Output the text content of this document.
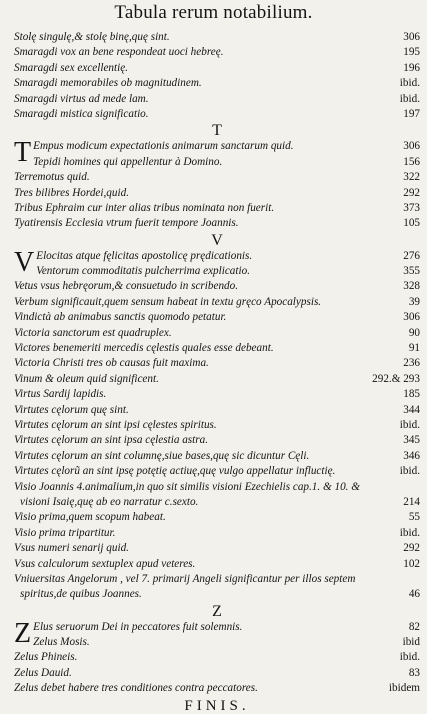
Tabula rerum notabilium.
Stolę singulę,& stolę binę,quę sint.	306
Smaragdi vox an bene respondeat uoci hebreę.	195
Smaragdi sex excellentię.	196
Smaragdi memorabiles ob magnitudinem.	ibid.
Smaragdi virtus ad mede lam.	ibid.
Smaragdi mistica significatio.	197
T
T Empus modicum expectationis animarum sanctarum quid.	306
Tepidi homines qui appellentur à Domino.	156
Terremotus quid.	322
Tres bilibres Hordei,quid.	292
Tribus Ephraim cur inter alias tribus nominata non fuerit.	373
Tyatirensis Ecclesia vtrum fuerit tempore Joannis.	105
V
V Elocitas atque fęlicitas apostolicę prędicationis.	276
Ventorum commoditatis pulcherrima explicatio.	355
Vetus vsus hebręorum,& consuetudo in scribendo.	328
Verbum significauit,quem sensum habeat in textu gręco Apocalypsis.	39
Vindictà ab animabus sanctis quomodo petatur.	306
Victoria sanctorum est quadruplex.	90
Victores benemeriti mercedis cęlestis quales esse debeant.	91
Victoria Christi tres ob causas fuit maxima.	236
Vinum & oleum quid significent.	292.& 293
Virtus Sardij lapidis.	185
Virtutes cęlorum quę sint.	344
Virtutes cęlorum an sint ipsi cęlestes spiritus.	ibid.
Virtutes cęlorum an sint ipsa cęlestia astra.	345
Virtutes cęlorum an sint columnę,siue bases,quę sic dicuntur Cęli.	346
Virtutes cęlorũ an sint ipsę potętię actiuę,quę vulgo appellatur influctię.	ibid.
Visio Joannis 4.animalium,in quo sit similis visioni Ezechielis cap.1. & 10. &
visioni Isaię,quę ab eo narratur c.sexto.	214
Visio prima,quem scopum habeat.	55
Visio prima tripartitur.	ibid.
Vsus numeri senarij quid.	292
Vsus calculorum sextuplex apud veteres.	102
Vniuersitas Angelorum , vel 7. primarij Angeli significantur per illos septem
spiritus,de quibus Joannes.	46
Z
Z Elus seruorum Dei in peccatores fuit solemnis.	82
Zelus Mosis.	ibid
Zelus Phineis.	ibid.
Zelus Dauid.	83
Zelus debet habere tres conditiones contra peccatores.	ibidem
FINIS.
